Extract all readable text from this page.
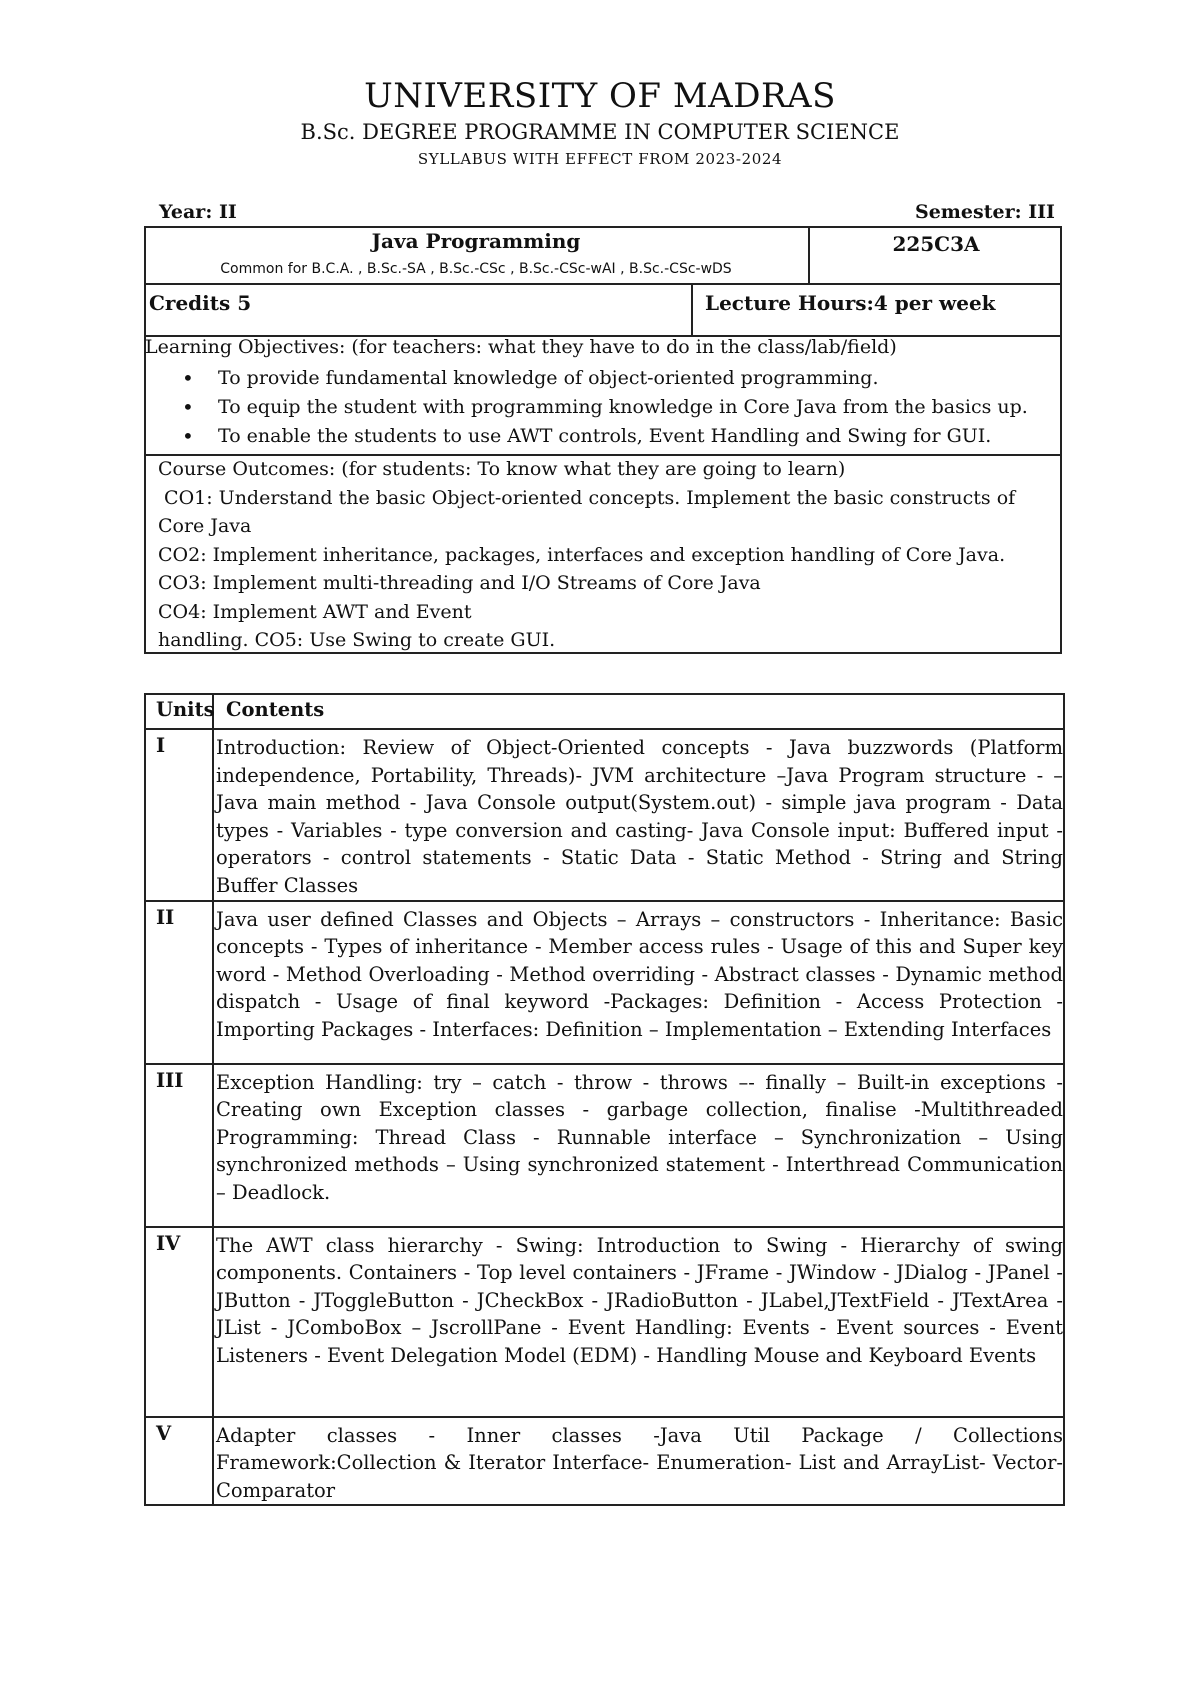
UNIVERSITY OF MADRAS
B.Sc. DEGREE PROGRAMME IN COMPUTER SCIENCE
SYLLABUS WITH EFFECT FROM 2023-2024
Year: II	Semester: III
Java Programming
Common for B.C.A. , B.Sc.-SA , B.Sc.-CSc , B.Sc.-CSc-wAI , B.Sc.-CSc-wDS
225C3A
Credits 5	Lecture Hours:4 per week
Learning Objectives: (for teachers: what they have to do in the class/lab/field)
• To provide fundamental knowledge of object-oriented programming.
• To equip the student with programming knowledge in Core Java from the basics up.
• To enable the students to use AWT controls, Event Handling and Swing for GUI.
Course Outcomes: (for students: To know what they are going to learn)
CO1: Understand the basic Object-oriented concepts. Implement the basic constructs of
Core Java
CO2: Implement inheritance, packages, interfaces and exception handling of Core Java.
CO3: Implement multi-threading and I/O Streams of Core Java
CO4: Implement AWT and Event
handling. CO5: Use Swing to create GUI.
Units	Contents
I	Introduction: Review of Object-Oriented concepts - Java buzzwords (Platform independence, Portability, Threads)- JVM architecture –Java Program structure - – Java main method - Java Console output(System.out) - simple java program - Data types - Variables - type conversion and casting- Java Console input: Buffered input - operators - control statements - Static Data - Static Method - String and String Buffer Classes
II	Java user defined Classes and Objects – Arrays – constructors - Inheritance: Basic concepts - Types of inheritance - Member access rules - Usage of this and Super key word - Method Overloading - Method overriding - Abstract classes - Dynamic method dispatch - Usage of final keyword -Packages: Definition - Access Protection - Importing Packages - Interfaces: Definition – Implementation – Extending Interfaces
III	Exception Handling: try – catch - throw - throws –- finally – Built-in exceptions - Creating own Exception classes - garbage collection, finalise -Multithreaded Programming: Thread Class - Runnable interface – Synchronization – Using synchronized methods – Using synchronized statement - Interthread Communication – Deadlock.
IV	The AWT class hierarchy - Swing: Introduction to Swing - Hierarchy of swing components. Containers - Top level containers - JFrame - JWindow - JDialog - JPanel - JButton - JToggleButton - JCheckBox - JRadioButton - JLabel,JTextField - JTextArea - JList - JComboBox – JscrollPane - Event Handling: Events - Event sources - Event Listeners - Event Delegation Model (EDM) - Handling Mouse and Keyboard Events
V	Adapter classes - Inner classes -Java Util Package / Collections Framework:Collection & Iterator Interface- Enumeration- List and ArrayList- Vector- Comparator
